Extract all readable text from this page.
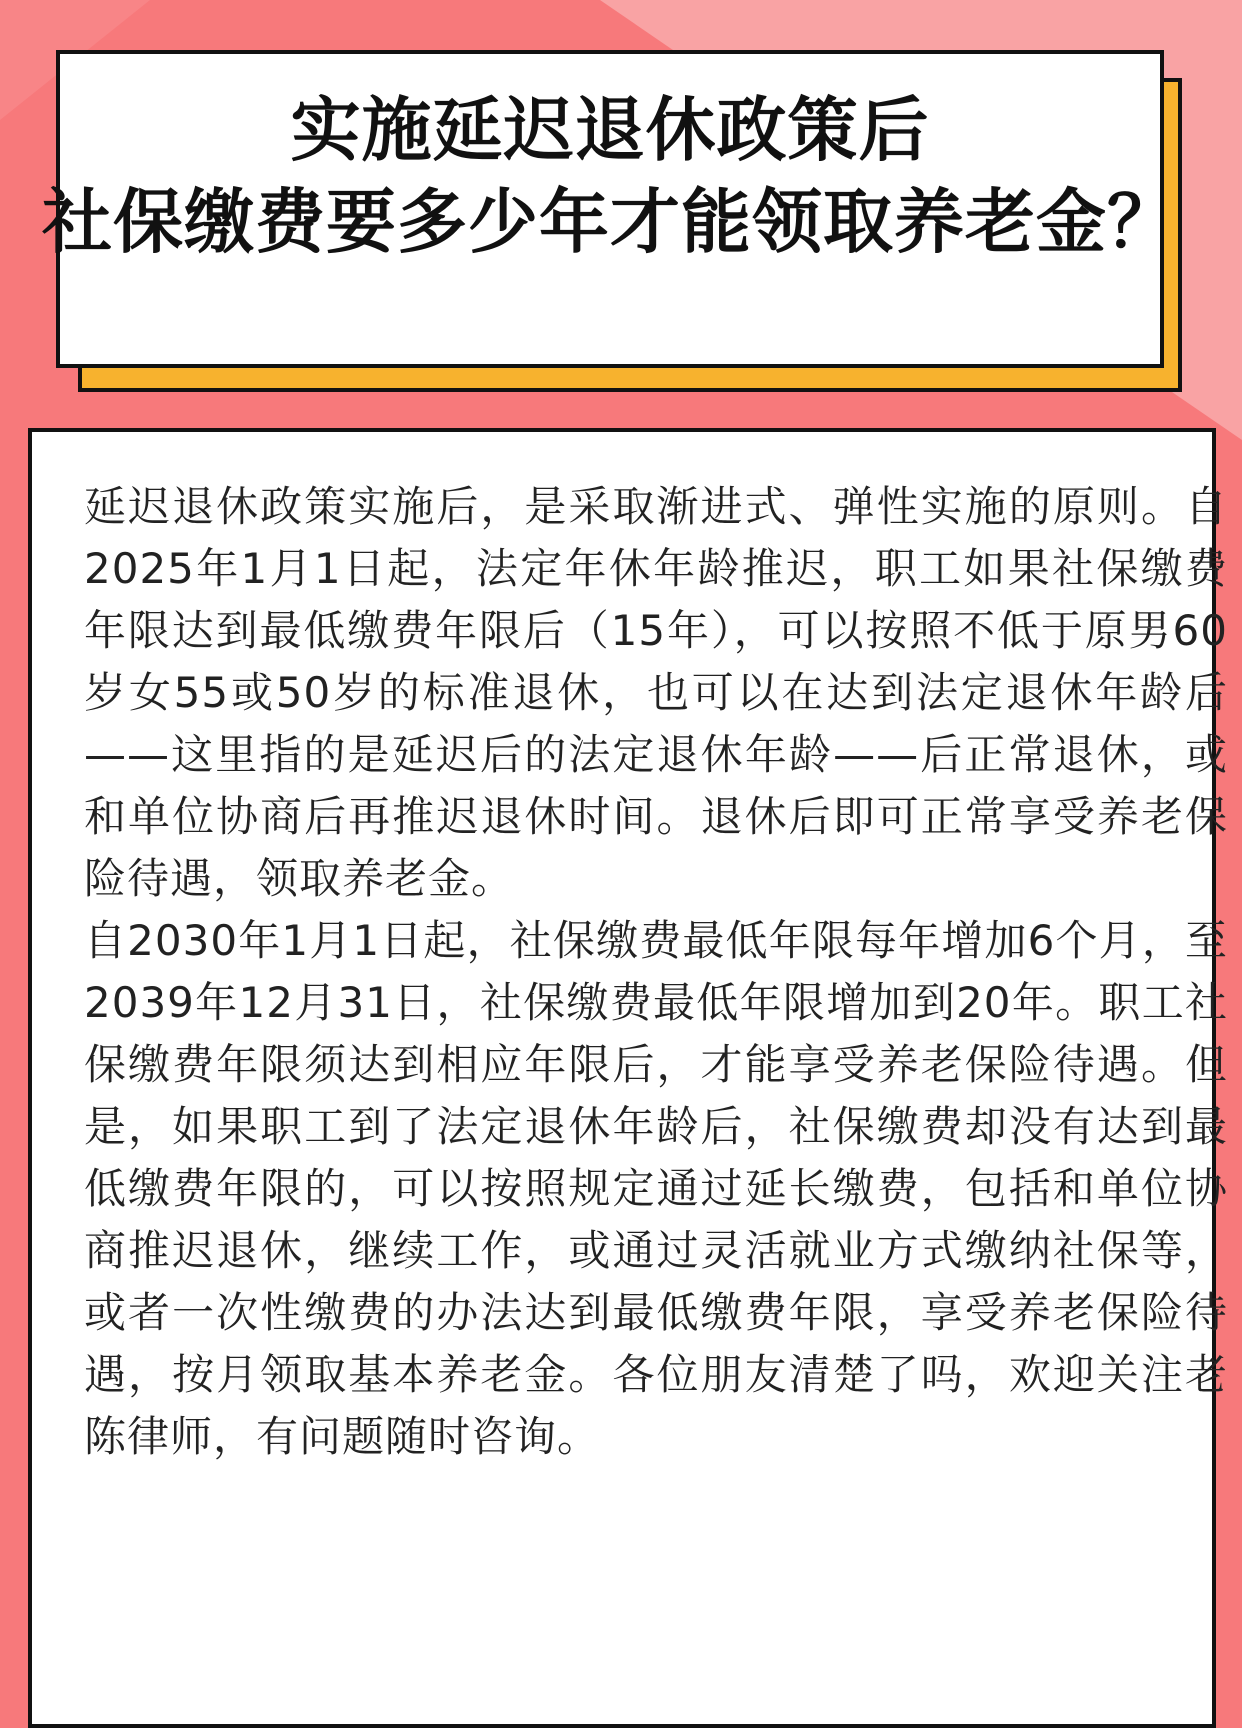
实施延迟退休政策后
社保缴费要多少年才能领取养老金？

延迟退休政策实施后，是采取渐进式、弹性实施的原则。自2025年1月1日起，法定年休年龄推迟，职工如果社保缴费年限达到最低缴费年限后（15年），可以按照不低于原男60岁女55或50岁的标准退休，也可以在达到法定退休年龄后——这里指的是延迟后的法定退休年龄——后正常退休，或和单位协商后再推迟退休时间。退休后即可正常享受养老保险待遇，领取养老金。

自2030年1月1日起，社保缴费最低年限每年增加6个月，至2039年12月31日，社保缴费最低年限增加到20年。职工社保缴费年限须达到相应年限后，才能享受养老保险待遇。但是，如果职工到了法定退休年龄后，社保缴费却没有达到最低缴费年限的，可以按照规定通过延长缴费，包括和单位协商推迟退休，继续工作，或通过灵活就业方式缴纳社保等，或者一次性缴费的办法达到最低缴费年限，享受养老保险待遇，按月领取基本养老金。各位朋友清楚了吗，欢迎关注老陈律师，有问题随时咨询。
